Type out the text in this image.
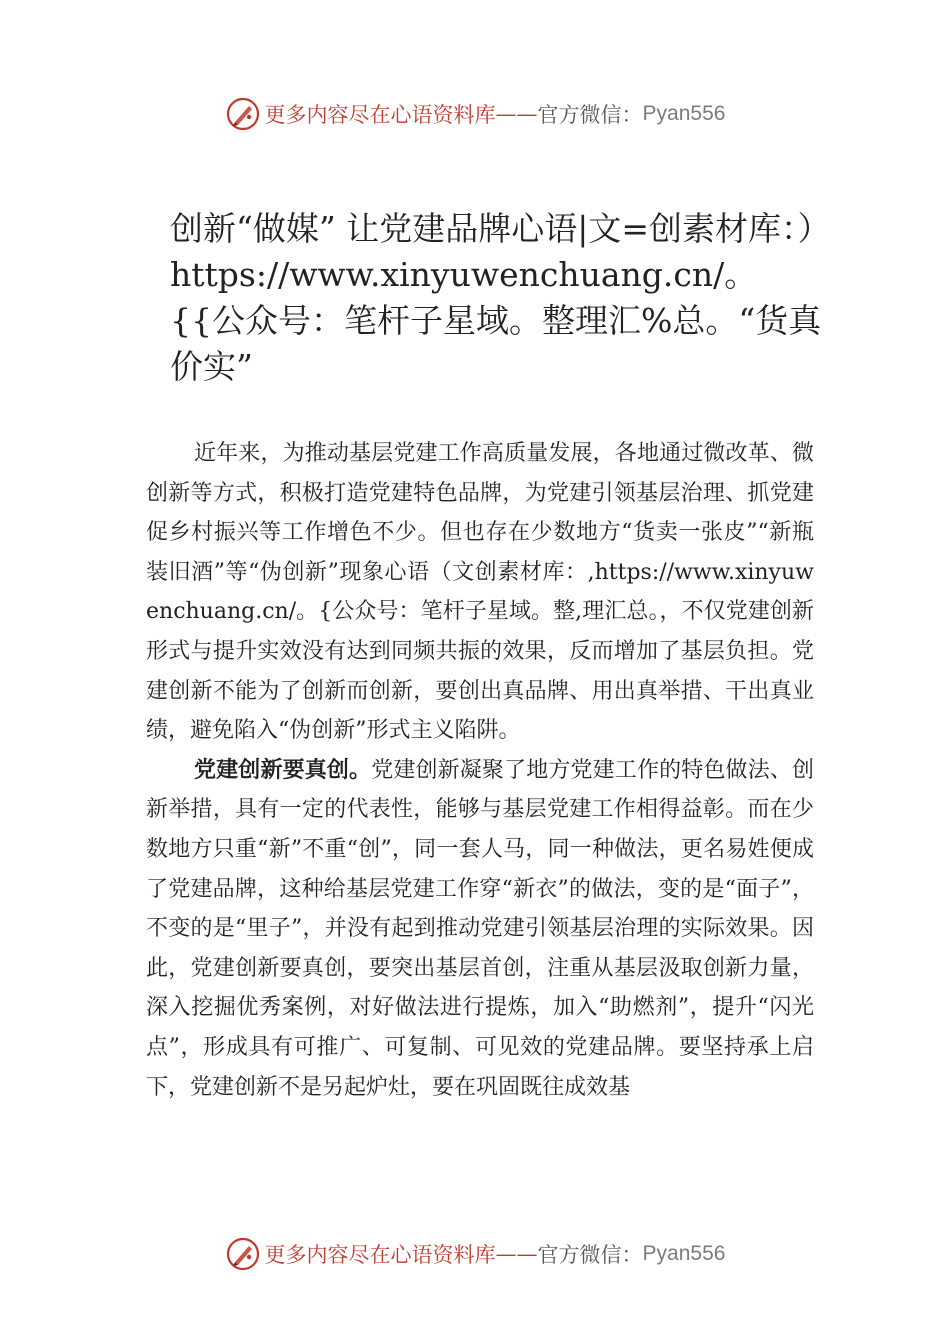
更多内容尽在心语资料库 —— 官方微信： Pyan556
创新“做媒” 让党建品牌心语|文=创素材库：）https://www.xinyuwenchuang.cn/。{{公众号：笔杆子星域。整理汇%总。“货真价实”

近年来，为推动基层党建工作高质量发展，各地通过微改革、微创新等方式，积极打造党建特色品牌，为党建引领基层治理、抓党建促乡村振兴等工作增色不少。但也存在少数地方“货卖一张皮”“新瓶装旧酒”等“伪创新”现象心语（文创素材库：,https://www.xinyuwenchuang.cn/。{公众号：笔杆子星域。整,理汇总。，不仅党建创新形式与提升实效没有达到同频共振的效果，反而增加了基层负担。党建创新不能为了创新而创新，要创出真品牌、用出真举措、干出真业绩，避免陷入“伪创新”形式主义陷阱。

党建创新要真创。党建创新凝聚了地方党建工作的特色做法、创新举措，具有一定的代表性，能够与基层党建工作相得益彰。而在少数地方只重“新”不重“创”，同一套人马，同一种做法，更名易姓便成了党建品牌，这种给基层党建工作穿“新衣”的做法，变的是“面子”，不变的是“里子”，并没有起到推动党建引领基层治理的实际效果。因此，党建创新要真创，要突出基层首创，注重从基层汲取创新力量，深入挖掘优秀案例，对好做法进行提炼，加入“助燃剂”，提升“闪光点”，形成具有可推广、可复制、可见效的党建品牌。要坚持承上启下，党建创新不是另起炉灶，要在巩固既往成效基

更多内容尽在心语资料库 —— 官方微信： Pyan556
